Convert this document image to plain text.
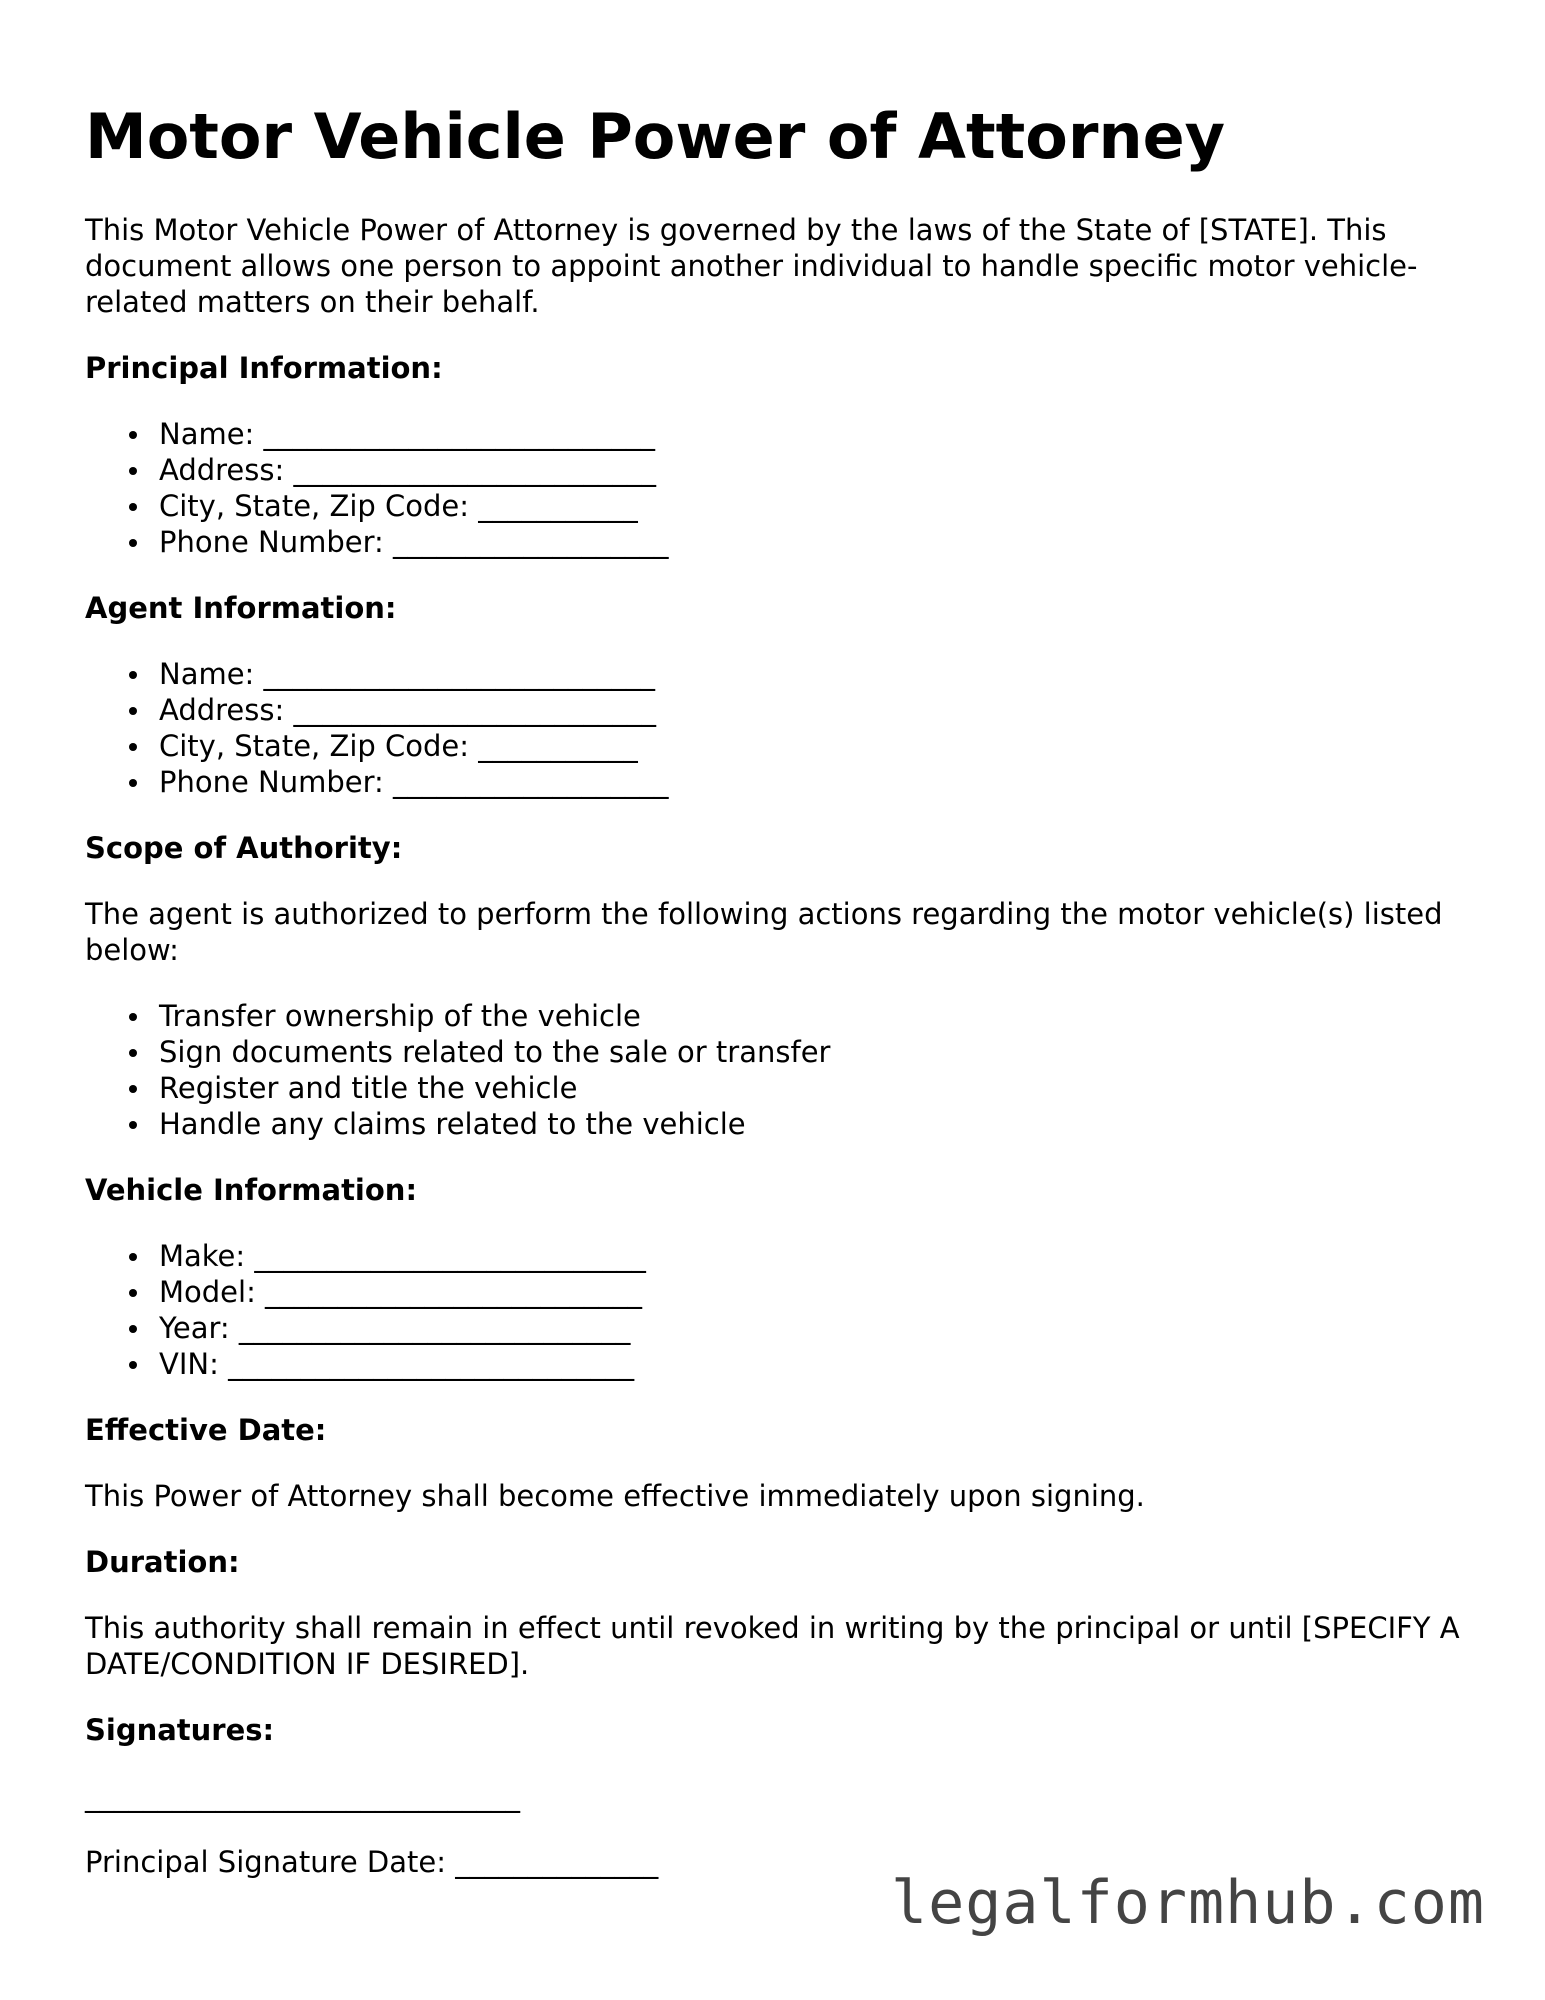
Motor Vehicle Power of Attorney

This Motor Vehicle Power of Attorney is governed by the laws of the State of [STATE]. This document allows one person to appoint another individual to handle specific motor vehicle-related matters on their behalf.

Principal Information:
Name: ___________________________
Address: _________________________
City, State, Zip Code: ___________
Phone Number: ___________________
Agent Information:
Name: ___________________________
Address: _________________________
City, State, Zip Code: ___________
Phone Number: ___________________
Scope of Authority:

The agent is authorized to perform the following actions regarding the motor vehicle(s) listed below:

Transfer ownership of the vehicle
Sign documents related to the sale or transfer
Register and title the vehicle
Handle any claims related to the vehicle
Vehicle Information:
Make: ___________________________
Model: __________________________
Year: ___________________________
VIN: ____________________________
Effective Date:

This Power of Attorney shall become effective immediately upon signing.

Duration:

This authority shall remain in effect until revoked in writing by the principal or until [SPECIFY A DATE/CONDITION IF DESIRED].

Signatures:
______________________________

Principal Signature Date: ______________

legalformhub.com
